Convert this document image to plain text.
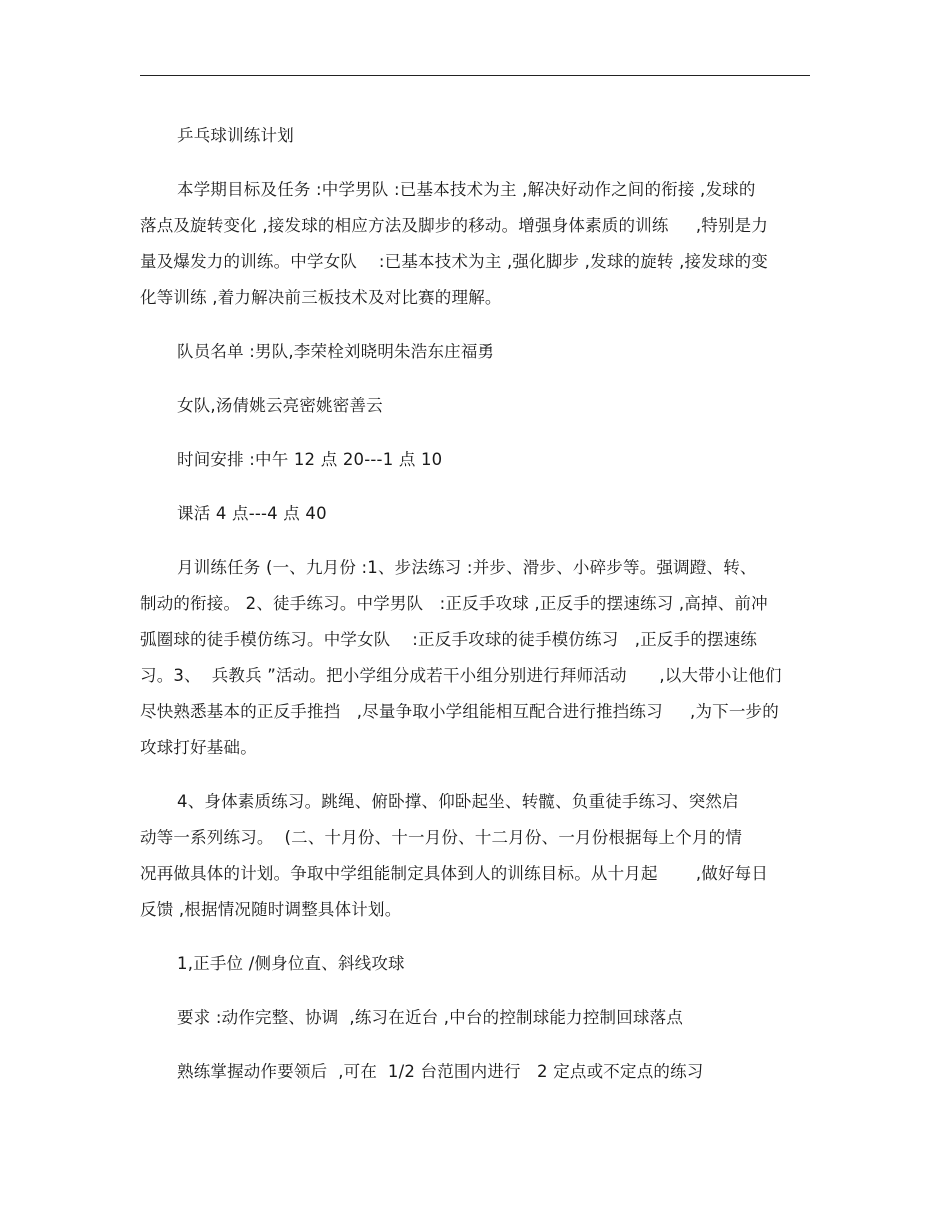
乒乓球训练计划
本学期目标及任务 :中学男队 :已基本技术为主 ,解决好动作之间的衔接 ,发球的
落点及旋转变化 ,接发球的相应方法及脚步的移动。增强身体素质的训练     ,特别是力
量及爆发力的训练。中学女队    :已基本技术为主 ,强化脚步 ,发球的旋转 ,接发球的变
化等训练 ,着力解决前三板技术及对比赛的理解。
队员名单 :男队,李荣栓刘晓明朱浩东庄福勇
女队,汤倩姚云亮密姚密善云
时间安排 :中午 12 点 20---1 点 10
课活 4 点---4 点 40
月训练任务 (一、九月份 :1、步法练习 :并步、滑步、小碎步等。强调蹬、转、
制动的衔接。 2、徒手练习。中学男队   :正反手攻球 ,正反手的摆速练习 ,高掉、前冲
弧圈球的徒手模仿练习。中学女队    :正反手攻球的徒手模仿练习   ,正反手的摆速练
习。3、  兵教兵 ”活动。把小学组分成若干小组分别进行拜师活动      ,以大带小让他们
尽快熟悉基本的正反手推挡   ,尽量争取小学组能相互配合进行推挡练习     ,为下一步的
攻球打好基础。
4、身体素质练习。跳绳、俯卧撑、仰卧起坐、转髋、负重徒手练习、突然启
动等一系列练习。  (二、十月份、十一月份、十二月份、一月份根据每上个月的情
况再做具体的计划。争取中学组能制定具体到人的训练目标。从十月起       ,做好每日
反馈 ,根据情况随时调整具体计划。
1,正手位 /侧身位直、斜线攻球
要求 :动作完整、协调  ,练习在近台 ,中台的控制球能力控制回球落点
熟练掌握动作要领后  ,可在  1/2 台范围内进行   2 定点或不定点的练习
